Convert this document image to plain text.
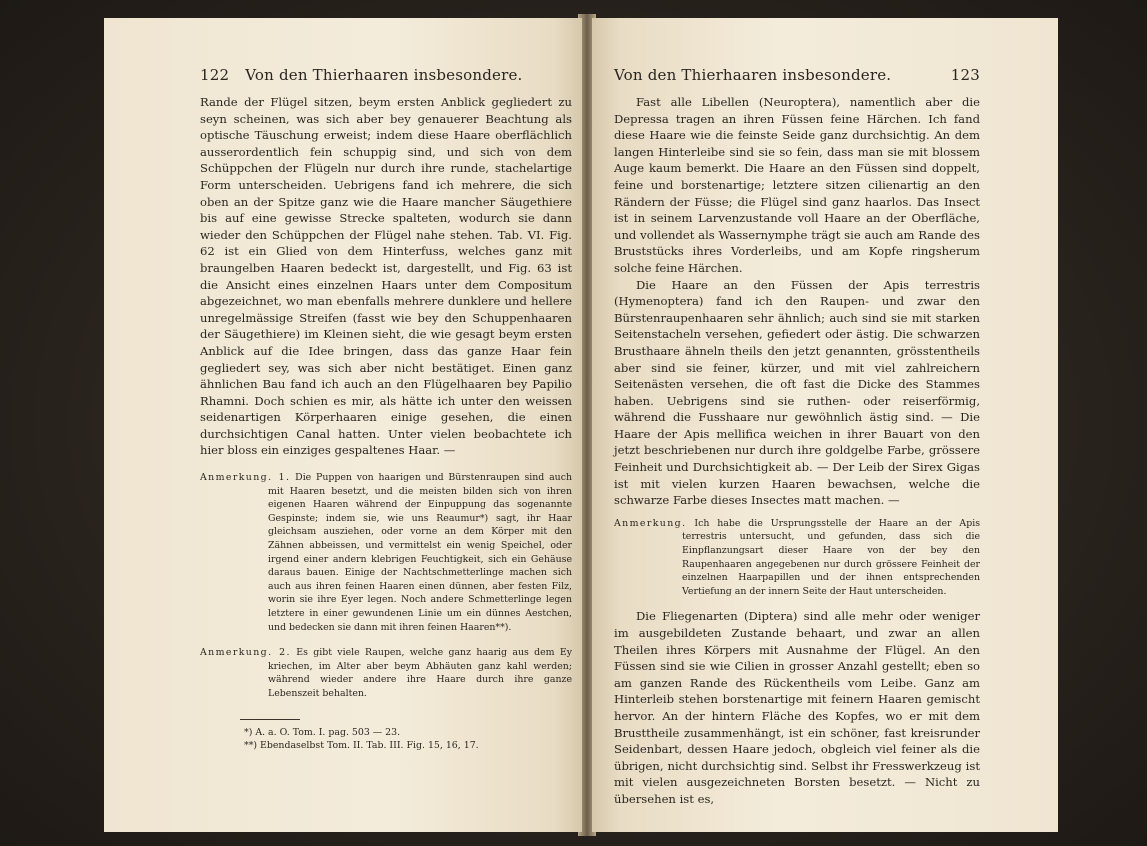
122 Von den Thierhaaren insbesondere.

Rande der Flügel sitzen, beym ersten Anblick gegliedert zu seyn scheinen, was sich aber bey genauerer Beachtung als optische Täuschung erweist; indem diese Haare oberflächlich ausserordentlich fein schuppig sind, und sich von dem Schüppchen der Flügeln nur durch ihre runde, stachelartige Form unterscheiden. Uebrigens fand ich mehrere, die sich oben an der Spitze ganz wie die Haare mancher Säugethiere bis auf eine gewisse Strecke spalteten, wodurch sie dann wieder den Schüppchen der Flügel nahe stehen. Tab. VI. Fig. 62 ist ein Glied von dem Hinterfuss, welches ganz mit braungelben Haaren bedeckt ist, dargestellt, und Fig. 63 ist die Ansicht eines einzelnen Haars unter dem Compositum abgezeichnet, wo man ebenfalls mehrere dunklere und hellere unregelmässige Streifen (fasst wie bey den Schuppenhaaren der Säugethiere) im Kleinen sieht, die wie gesagt beym ersten Anblick auf die Idee bringen, dass das ganze Haar fein gegliedert sey, was sich aber nicht bestätiget. Einen ganz ähnlichen Bau fand ich auch an den Flügelhaaren bey Papilio Rhamni. Doch schien es mir, als hätte ich unter den weissen seidenartigen Körperhaaren einige gesehen, die einen durchsichtigen Canal hatten. Unter vielen beobachtete ich hier bloss ein einziges gespaltenes Haar. —

Anmerkung. 1. Die Puppen von haarigen und Bürstenraupen sind auch mit Haaren besetzt, und die meisten bilden sich von ihren eigenen Haaren während der Einpuppung das sogenannte Gespinste; indem sie, wie uns Reaumur*) sagt, ihr Haar gleichsam ausziehen, oder vorne an dem Körper mit den Zähnen abbeissen, und vermittelst ein wenig Speichel, oder irgend einer andern klebrigen Feuchtigkeit, sich ein Gehäuse daraus bauen. Einige der Nachtschmetterlinge machen sich auch aus ihren feinen Haaren einen dünnen, aber festen Filz, worin sie ihre Eyer legen. Noch andere Schmetterlinge legen letztere in einer gewundenen Linie um ein dünnes Aestchen, und bedecken sie dann mit ihren feinen Haaren**).
Anmerkung. 2. Es gibt viele Raupen, welche ganz haarig aus dem Ey kriechen, im Alter aber beym Abhäuten ganz kahl werden; während wieder andere ihre Haare durch ihre ganze Lebenszeit behalten.
*) A. a. O. Tom. I. pag. 503 — 23.
**) Ebendaselbst Tom. II. Tab. III. Fig. 15, 16, 17.
Von den Thierhaaren insbesondere.	123

Fast alle Libellen (Neuroptera), namentlich aber die Depressa tragen an ihren Füssen feine Härchen. Ich fand diese Haare wie die feinste Seide ganz durchsichtig. An dem langen Hinterleibe sind sie so fein, dass man sie mit blossem Auge kaum bemerkt. Die Haare an den Füssen sind doppelt, feine und borstenartige; letztere sitzen cilienartig an den Rändern der Füsse; die Flügel sind ganz haarlos. Das Insect ist in seinem Larvenzustande voll Haare an der Oberfläche, und vollendet als Wassernymphe trägt sie auch am Rande des Bruststücks ihres Vorderleibs, und am Kopfe ringsherum solche feine Härchen.

Die Haare an den Füssen der Apis terrestris (Hymenoptera) fand ich den Raupen- und zwar den Bürstenraupenhaaren sehr ähnlich; auch sind sie mit starken Seitenstacheln versehen, gefiedert oder ästig. Die schwarzen Brusthaare ähneln theils den jetzt genannten, grösstentheils aber sind sie feiner, kürzer, und mit viel zahlreichern Seitenästen versehen, die oft fast die Dicke des Stammes haben. Uebrigens sind sie ruthen- oder reiserförmig, während die Fusshaare nur gewöhnlich ästig sind. — Die Haare der Apis mellifica weichen in ihrer Bauart von den jetzt beschriebenen nur durch ihre goldgelbe Farbe, grössere Feinheit und Durchsichtigkeit ab. — Der Leib der Sirex Gigas ist mit vielen kurzen Haaren bewachsen, welche die schwarze Farbe dieses Insectes matt machen. —

Anmerkung. Ich habe die Ursprungsstelle der Haare an der Apis terrestris untersucht, und gefunden, dass sich die Einpflanzungsart dieser Haare von der bey den Raupenhaaren angegebenen nur durch grössere Feinheit der einzelnen Haarpapillen und der ihnen entsprechenden Vertiefung an der innern Seite der Haut unterscheiden.

Die Fliegenarten (Diptera) sind alle mehr oder weniger im ausgebildeten Zustande behaart, und zwar an allen Theilen ihres Körpers mit Ausnahme der Flügel. An den Füssen sind sie wie Cilien in grosser Anzahl gestellt; eben so am ganzen Rande des Rückentheils vom Leibe. Ganz am Hinterleib stehen borstenartige mit feinern Haaren gemischt hervor. An der hintern Fläche des Kopfes, wo er mit dem Brusttheile zusammenhängt, ist ein schöner, fast kreisrunder Seidenbart, dessen Haare jedoch, obgleich viel feiner als die übrigen, nicht durchsichtig sind. Selbst ihr Fresswerkzeug ist mit vielen ausgezeichneten Borsten besetzt. — Nicht zu übersehen ist es,
